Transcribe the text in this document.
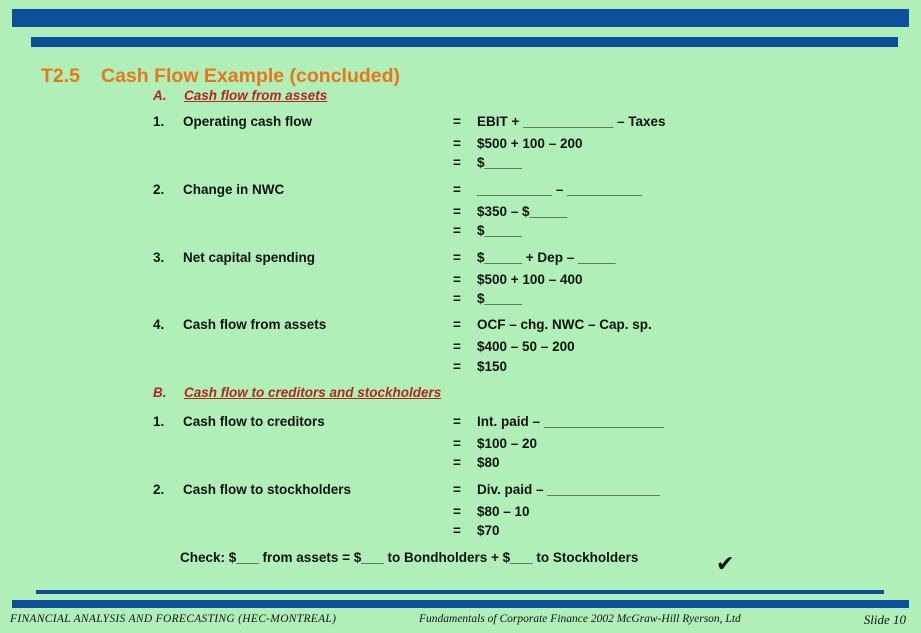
T2.5 Cash Flow Example (concluded)
A. Cash flow from assets
1. Operating cash flow	= EBIT + ____________ – Taxes
= $500 + 100 – 200
= $_____
2. Change in NWC	= __________ – __________
= $350 – $_____
= $_____
3. Net capital spending	= $_____ + Dep – _____
= $500 + 100 – 400
= $_____
4. Cash flow from assets	= OCF – chg. NWC – Cap. sp.
= $400 – 50 – 200
= $150
B. Cash flow to creditors and stockholders
1. Cash flow to creditors	= Int. paid – ________________
= $100 – 20
= $80
2. Cash flow to stockholders	= Div. paid – _______________
= $80 – 10
= $70
Check: $___ from assets = $___ to Bondholders + $___ to Stockholders	✔
FINANCIAL ANALYSIS AND FORECASTING (HEC-MONTREAL)	Fundamentals of Corporate Finance 2002 McGraw-Hill Ryerson, Ltd	Slide 10
